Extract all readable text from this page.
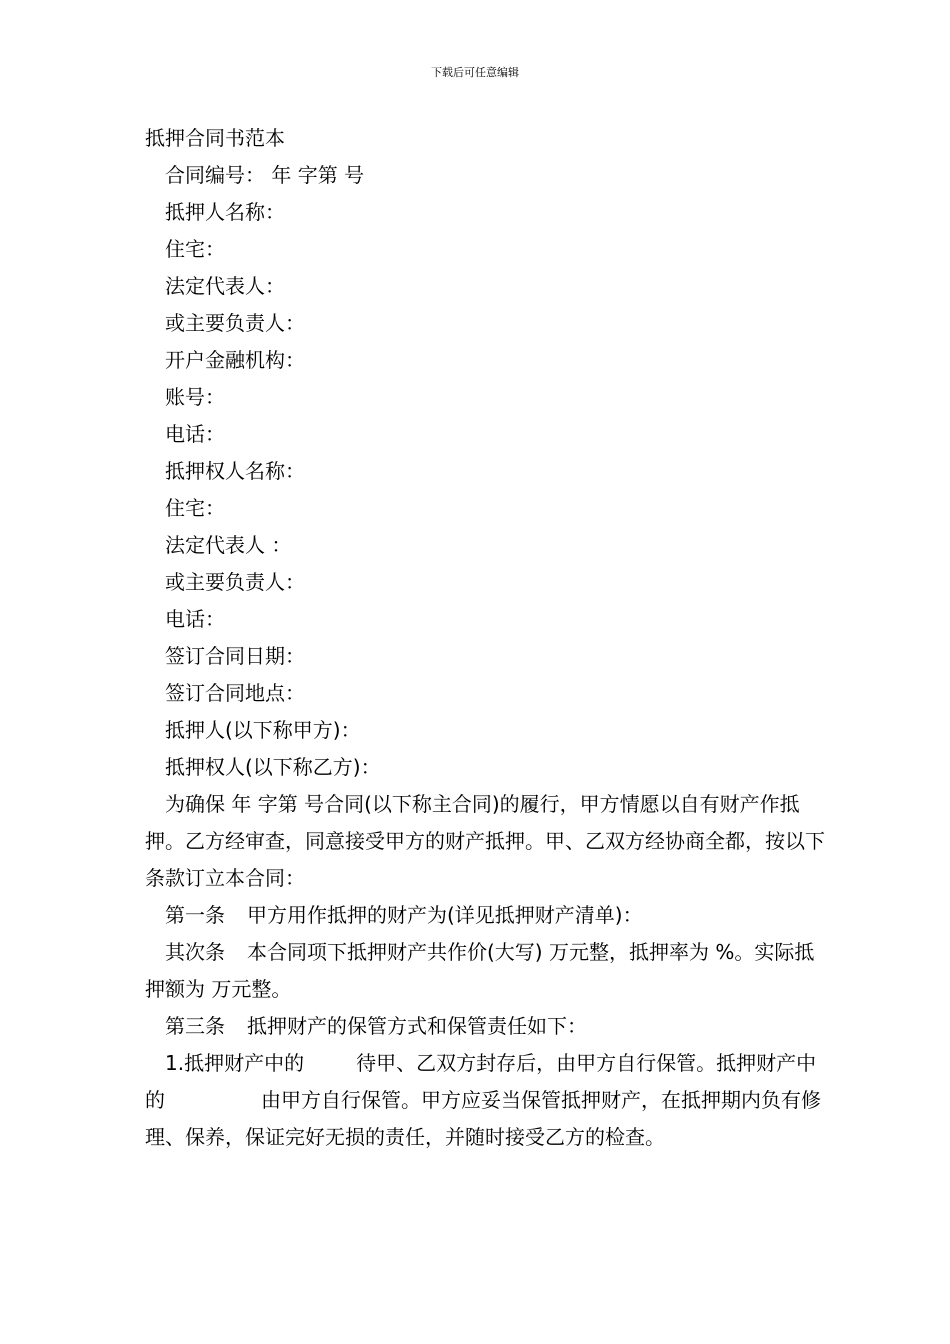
下载后可任意编辑
抵押合同书范本
合同编号： 年 字第 号
抵押人名称：
住宅：
法定代表人：
或主要负责人：
开户金融机构：
账号：
电话：
抵押权人名称：
住宅：
法定代表人 ：
或主要负责人：
电话：
签订合同日期：
签订合同地点：
抵押人(以下称甲方)：
抵押权人(以下称乙方)：
为确保 年 字第 号合同(以下称主合同)的履行，甲方情愿以自有财产作抵押。乙方经审查，同意接受甲方的财产抵押。甲、乙双方经协商全都，按以下条款订立本合同：
第一条 甲方用作抵押的财产为(详见抵押财产清单)：
其次条 本合同项下抵押财产共作价(大写) 万元整，抵押率为 %。实际抵押额为 万元整。
第三条 抵押财产的保管方式和保管责任如下：
1.抵押财产中的	待甲、乙双方封存后，由甲方自行保管。抵押财产中的	由甲方自行保管。甲方应妥当保管抵押财产，在抵押期内负有修理、保养，保证完好无损的责任，并随时接受乙方的检查。
